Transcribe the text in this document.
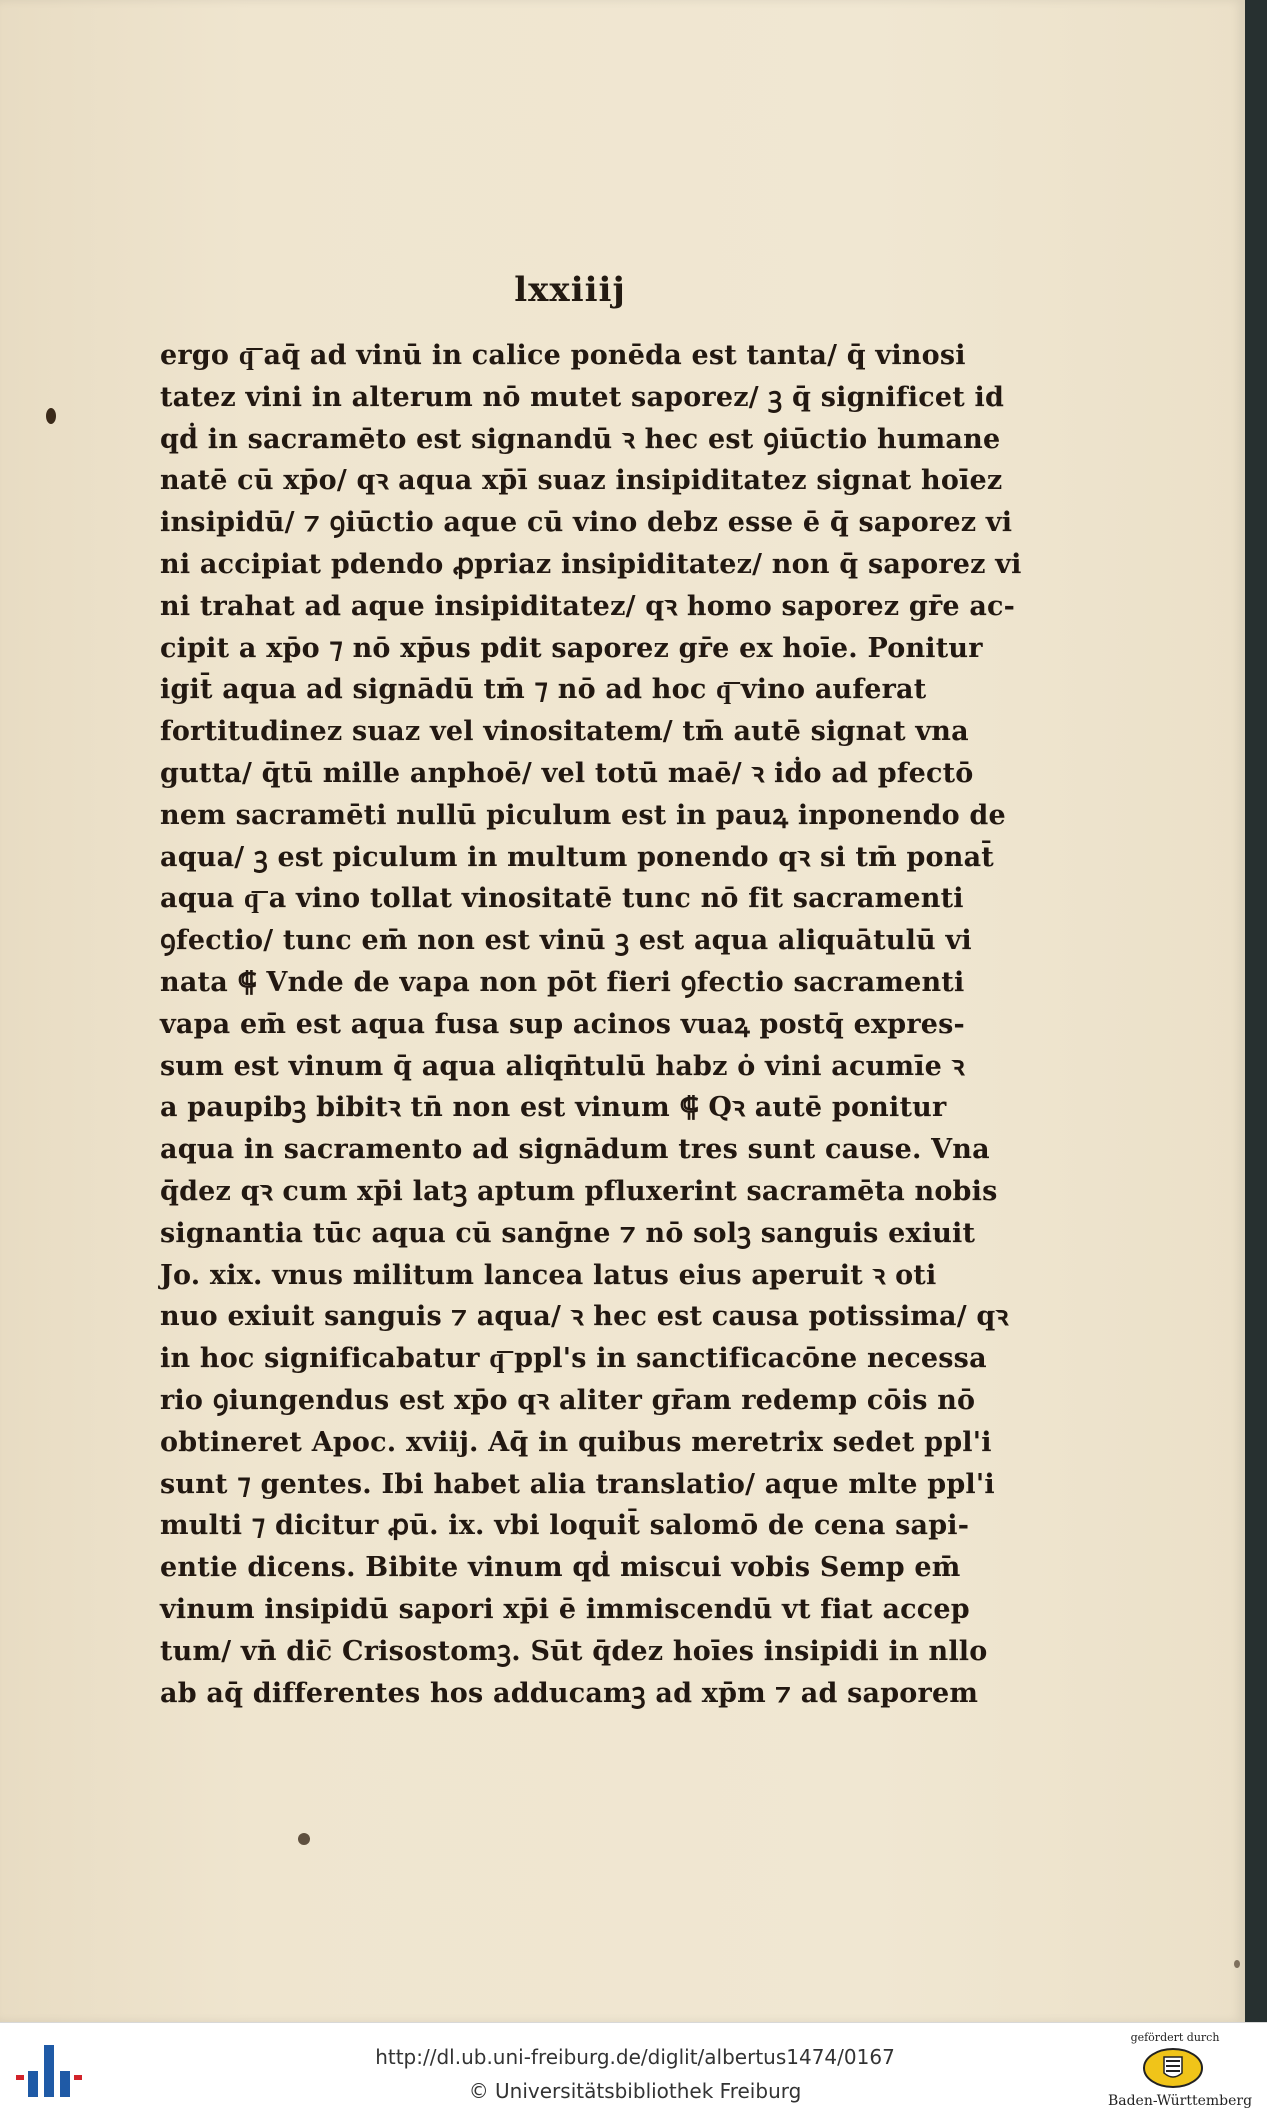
lxxiiij
ergo q͞ aq̄ ad vinū in calice ponēda est tanta/ q̄ vinosi
tatez vini in alterum nō mutet saporez/ ꝫ q̄ significet id
qḋ in sacramēto est signandū ꝛ hec est ꝯiūctio humane
natē cū xp̄o/ qꝛ aqua xp̄ī suaz insipiditatez signat hoīez
insipidū/ ⁊ ꝯiūctio aque cū vino debz esse ē q̄ saporez vi
ni accipiat pdendo ꝓpriaz insipiditatez/ non q̄ saporez vi
ni trahat ad aque insipiditatez/ qꝛ homo saporez gr̄e ac-
cipit a xp̄o ⁊ nō xp̄us pdit saporez gr̄e ex hoīe. Ponitur
igit̄ aqua ad signādū tm̄ ⁊ nō ad hoc q͞ vino auferat
fortitudinez suaz vel vinositatem/ tm̄ autē signat vna
gutta/ q̄tū mille anphoē/ vel totū maē/ ꝛ iḋo ad pfectō
nem sacramēti nullū piculum est in pauꝝ inponendo de
aqua/ ꝫ est piculum in multum ponendo qꝛ si tm̄ ponat̄
aqua q͞ a vino tollat vinositatē tunc nō fit sacramenti
ꝯfectio/ tunc em̄ non est vinū ꝫ est aqua aliquātulū vi
nata ⸿ Vnde de vapa non pōt fieri ꝯfectio sacramenti
vapa em̄ est aqua fusa sup acinos vuaꝝ postq̄ expres-
sum est vinum q̄ aqua aliqn̄tulū habz ȯ vini acumīe ꝛ
a paupibꝫ bibitꝛ tn̄ non est vinum ⸿ Qꝛ autē ponitur
aqua in sacramento ad signādum tres sunt cause. Vna
q̄dez qꝛ cum xp̄i latꝫ aptum pfluxerint sacramēta nobis
signantia tūc aqua cū sanḡne ⁊ nō solꝫ sanguis exiuit
Jo. xix. vnus militum lancea latus eius aperuit ꝛ oti
nuo exiuit sanguis ⁊ aqua/ ꝛ hec est causa potissima/ qꝛ
in hoc significabatur q͞ ppl's in sanctificacōne necessa
rio ꝯiungendus est xp̄o qꝛ aliter gr̄am redemp cōis nō
obtineret Apoc. xviij. Aq̄ in quibus meretrix sedet ppl'i
sunt ⁊ gentes. Ibi habet alia translatio/ aque mlte ppl'i
multi ⁊ dicitur ꝓū. ix. vbi loquit̄ salomō de cena sapi-
entie dicens. Bibite vinum qḋ miscui vobis Semp em̄
vinum insipidū sapori xp̄i ē immiscendū vt fiat accep
tum/ vn̄ dic̄ Crisostomꝫ. Sūt q̄dez hoīes insipidi in nllo
ab aq̄ differentes hos adducamꝫ ad xp̄m ⁊ ad saporem
http://dl.ub.uni-freiburg.de/diglit/albertus1474/0167
© Universitätsbibliothek Freiburg
gefördert durch
Baden-Württemberg
